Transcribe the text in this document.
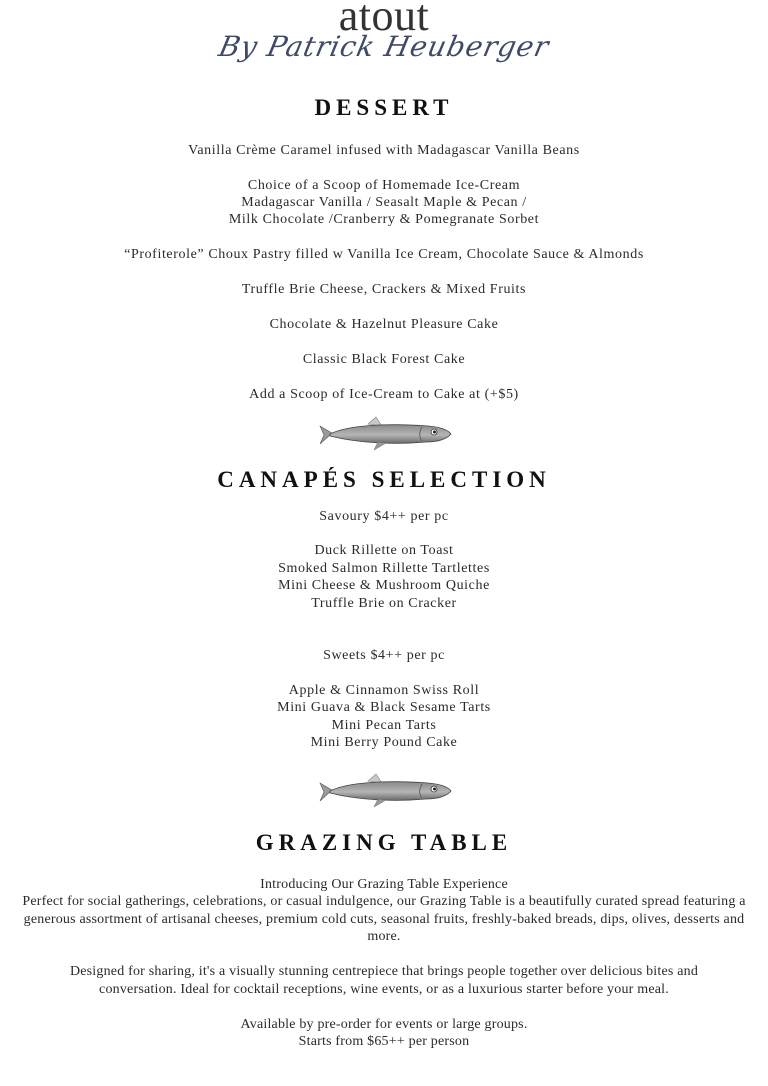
atout
By Patrick Heuberger
DESSERT
Vanilla Crème Caramel infused with Madagascar Vanilla Beans
Choice of a Scoop of Homemade Ice-Cream
Madagascar Vanilla / Seasalt Maple & Pecan /
Milk Chocolate /Cranberry & Pomegranate Sorbet
“Profiterole” Choux Pastry filled w Vanilla Ice Cream, Chocolate Sauce & Almonds
Truffle Brie Cheese, Crackers & Mixed Fruits
Chocolate & Hazelnut Pleasure Cake
Classic Black Forest Cake
Add a Scoop of Ice-Cream to Cake at (+$5)
CANAPÉS SELECTION
Savoury $4++ per pc
Duck Rillette on Toast
Smoked Salmon Rillette Tartlettes
Mini Cheese & Mushroom Quiche
Truffle Brie on Cracker
Sweets $4++ per pc
Apple & Cinnamon Swiss Roll
Mini Guava & Black Sesame Tarts
Mini Pecan Tarts
Mini Berry Pound Cake
GRAZING TABLE
Introducing Our Grazing Table Experience
Perfect for social gatherings, celebrations, or casual indulgence, our Grazing Table is a beautifully curated spread featuring a generous assortment of artisanal cheeses, premium cold cuts, seasonal fruits, freshly-baked breads, dips, olives, desserts and more.
Designed for sharing, it's a visually stunning centrepiece that brings people together over delicious bites and conversation. Ideal for cocktail receptions, wine events, or as a luxurious starter before your meal.
Available by pre-order for events or large groups.
Starts from $65++ per person
